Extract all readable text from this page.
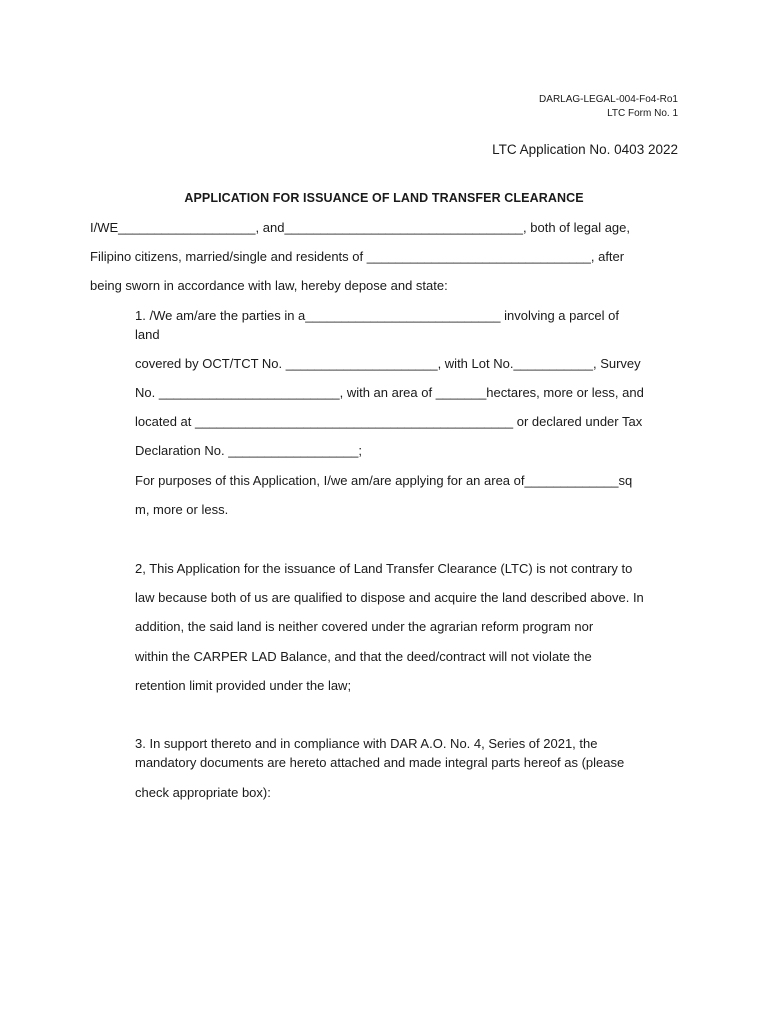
DARLAG-LEGAL-004-Fo4-Ro1
LTC Form No. 1
LTC Application No. 0403 2022
APPLICATION FOR ISSUANCE OF LAND TRANSFER CLEARANCE
I/WE___________________, and_________________________________, both of legal age,
Filipino citizens, married/single and residents of _______________________________, after
being sworn in accordance with law, hereby depose and state:
1. /We am/are the parties in a___________________________ involving a parcel of
land
covered by OCT/TCT No. _____________________, with Lot No.___________, Survey
No. _________________________, with an area of _______hectares, more or less, and
located at ____________________________________________ or declared under Tax
Declaration No. __________________;
For purposes of this Application, I/we am/are applying for an area of_____________sq
m, more or less.
2, This Application for the issuance of Land Transfer Clearance (LTC) is not contrary to
law because both of us are qualified to dispose and acquire the land described above. In
addition, the said land is neither covered under the agrarian reform program nor
within the CARPER LAD Balance, and that the deed/contract will not violate the
retention limit provided under the law;
3. In support thereto and in compliance with DAR A.O. No. 4, Series of 2021, the
mandatory documents are hereto attached and made integral parts hereof as (please
check appropriate box):
